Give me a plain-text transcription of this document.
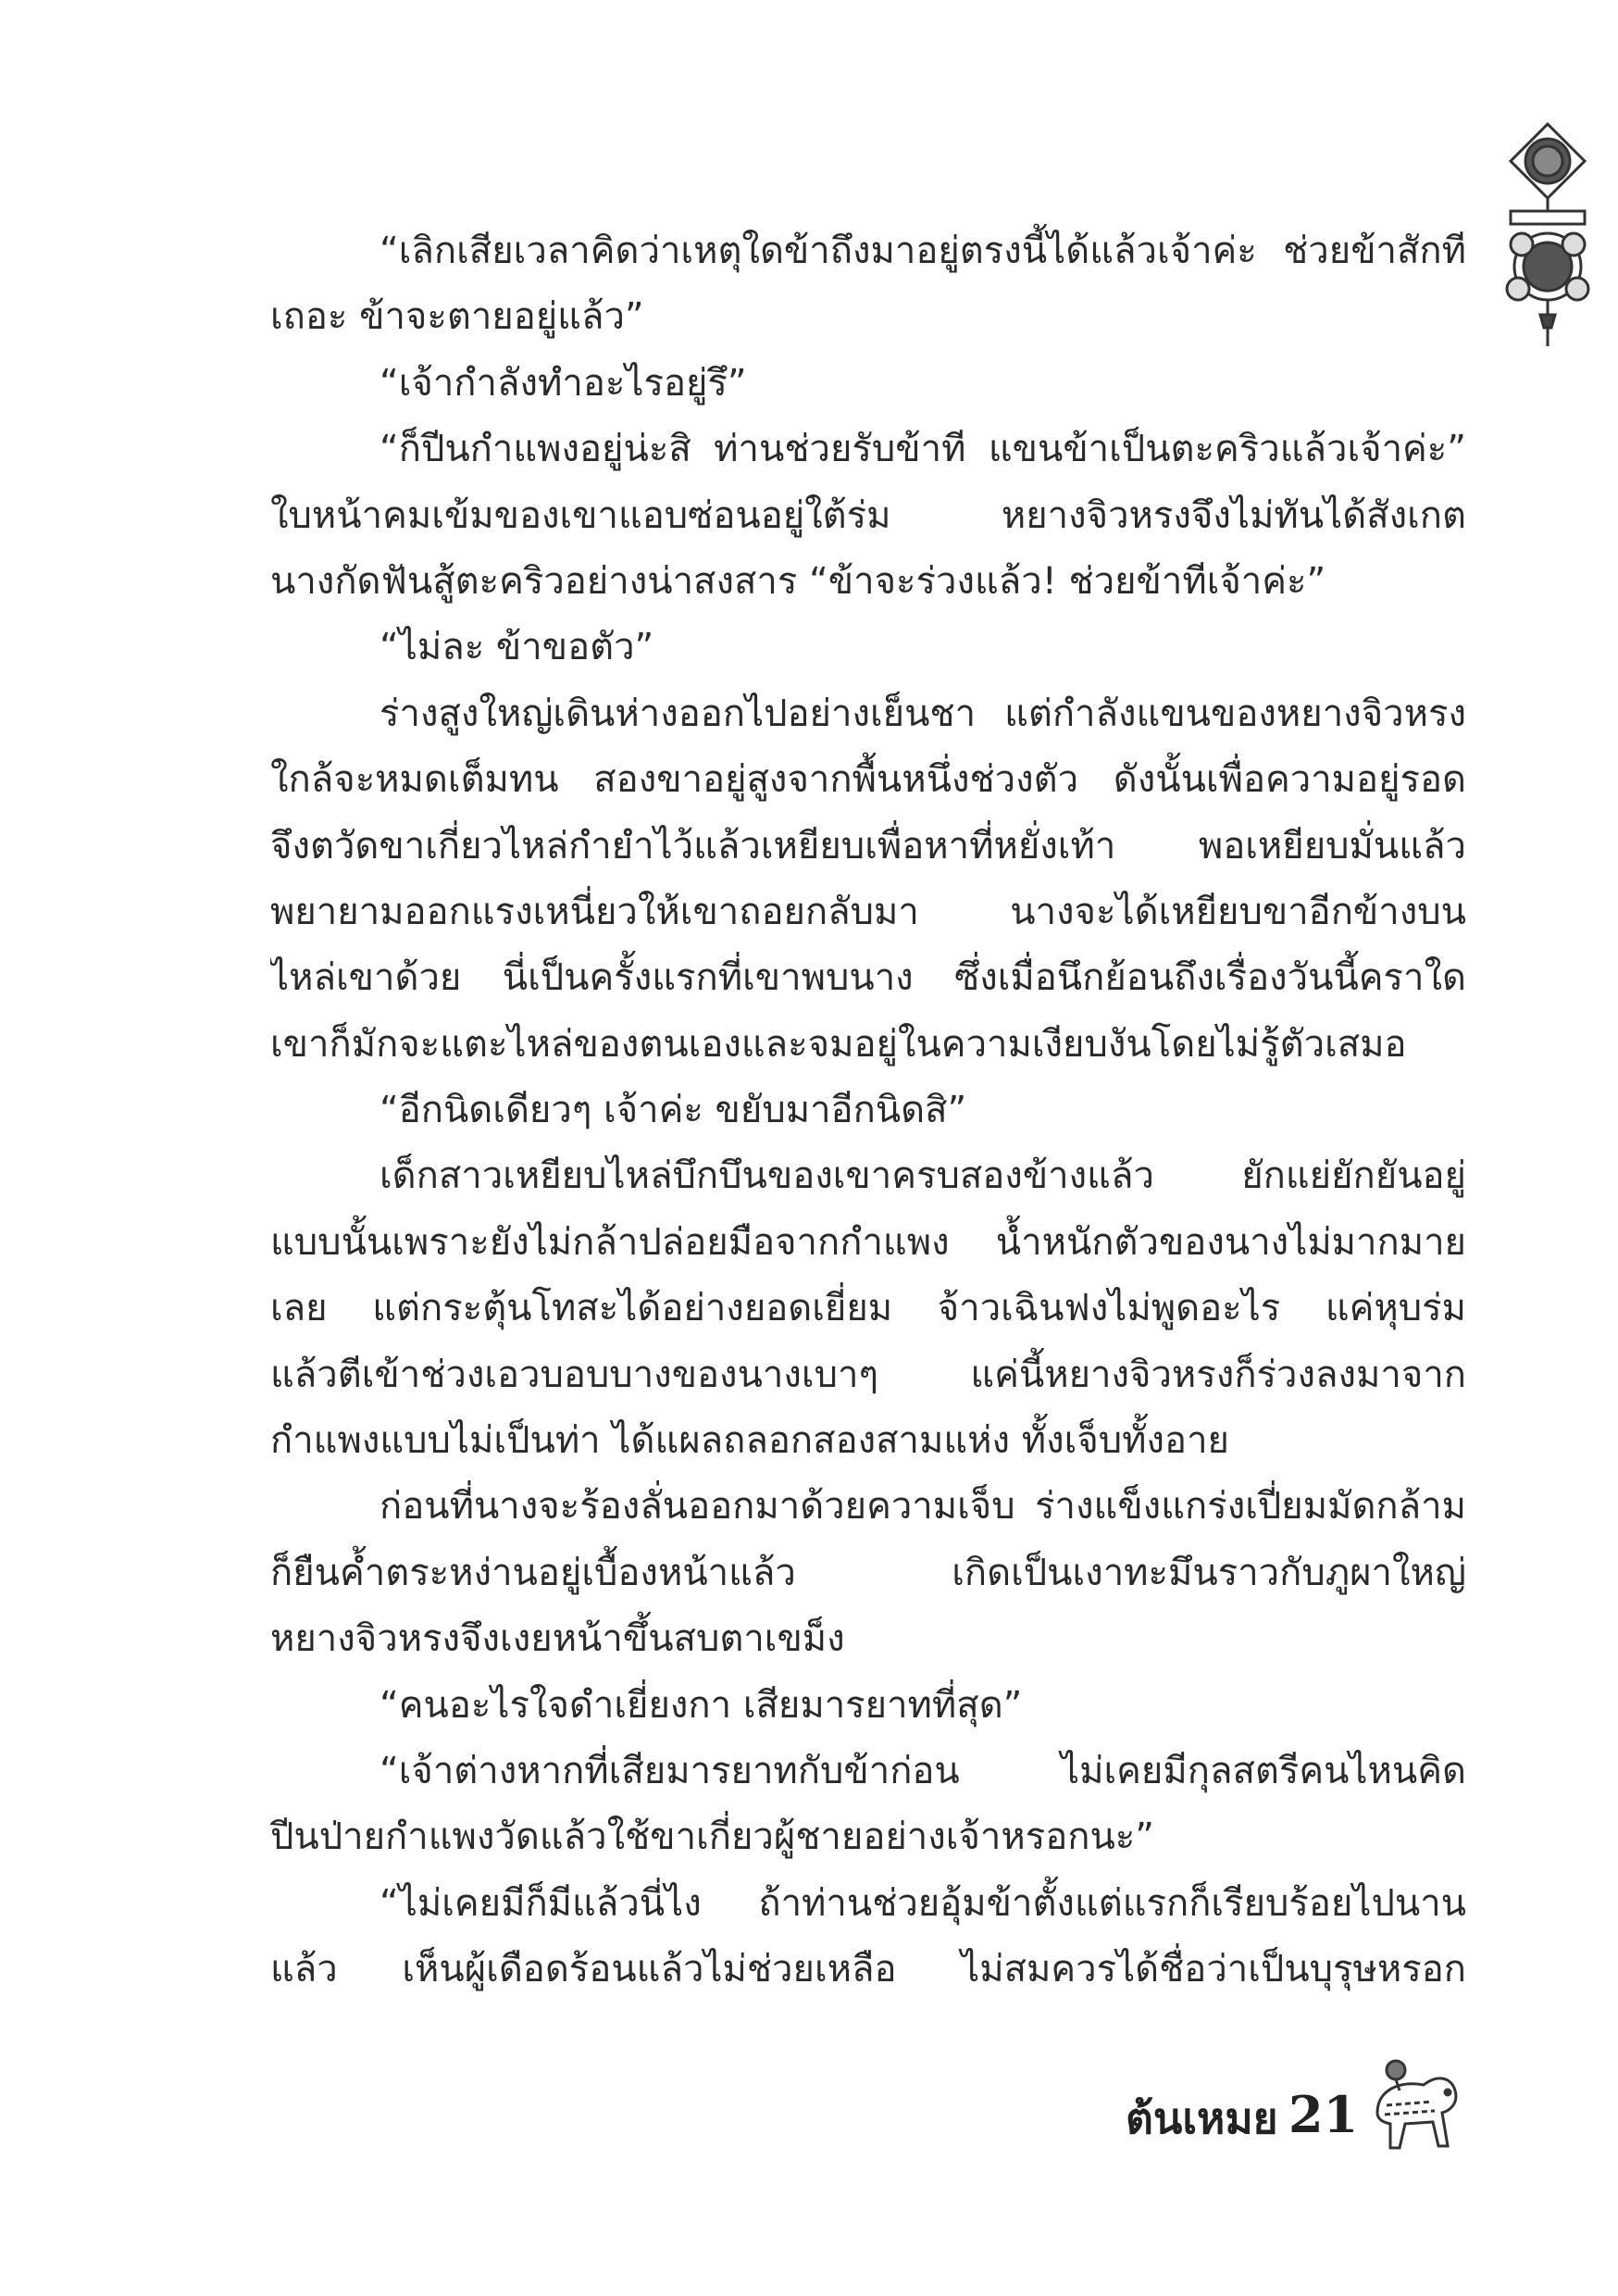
“เลิกเสียเวลาคิดว่าเหตุใดข้าถึงมาอยู่ตรงนี้ได้แล้วเจ้าค่ะ ช่วยข้าสักที
เถอะ ข้าจะตายอยู่แล้ว”
“เจ้ากำลังทำอะไรอยู่รึ”
“ก็ปีนกำแพงอยู่น่ะสิ ท่านช่วยรับข้าที แขนข้าเป็นตะคริวแล้วเจ้าค่ะ”
ใบหน้าคมเข้มของเขาแอบซ่อนอยู่ใต้ร่ม หยางจิวหรงจึงไม่ทันได้สังเกต
นางกัดฟันสู้ตะคริวอย่างน่าสงสาร “ข้าจะร่วงแล้ว! ช่วยข้าทีเจ้าค่ะ”
“ไม่ละ ข้าขอตัว”
ร่างสูงใหญ่เดินห่างออกไปอย่างเย็นชา แต่กำลังแขนของหยางจิวหรง
ใกล้จะหมดเต็มทน สองขาอยู่สูงจากพื้นหนึ่งช่วงตัว ดังนั้นเพื่อความอยู่รอด
จึงตวัดขาเกี่ยวไหล่กำยำไว้แล้วเหยียบเพื่อหาที่หยั่งเท้า พอเหยียบมั่นแล้ว
พยายามออกแรงเหนี่ยวให้เขาถอยกลับมา นางจะได้เหยียบขาอีกข้างบน
ไหล่เขาด้วย นี่เป็นครั้งแรกที่เขาพบนาง ซึ่งเมื่อนึกย้อนถึงเรื่องวันนี้คราใด
เขาก็มักจะแตะไหล่ของตนเองและจมอยู่ในความเงียบงันโดยไม่รู้ตัวเสมอ
“อีกนิดเดียวๆ เจ้าค่ะ ขยับมาอีกนิดสิ”
เด็กสาวเหยียบไหล่บึกบึนของเขาครบสองข้างแล้ว ยักแย่ยักยันอยู่
แบบนั้นเพราะยังไม่กล้าปล่อยมือจากกำแพง น้ำหนักตัวของนางไม่มากมาย
เลย แต่กระตุ้นโทสะได้อย่างยอดเยี่ยม จ้าวเฉินฟงไม่พูดอะไร แค่หุบร่ม
แล้วตีเข้าช่วงเอวบอบบางของนางเบาๆ แค่นี้หยางจิวหรงก็ร่วงลงมาจาก
กำแพงแบบไม่เป็นท่า ได้แผลถลอกสองสามแห่ง ทั้งเจ็บทั้งอาย
ก่อนที่นางจะร้องลั่นออกมาด้วยความเจ็บ ร่างแข็งแกร่งเปี่ยมมัดกล้าม
ก็ยืนค้ำตระหง่านอยู่เบื้องหน้าแล้ว เกิดเป็นเงาทะมึนราวกับภูผาใหญ่
หยางจิวหรงจึงเงยหน้าขึ้นสบตาเขม็ง
“คนอะไรใจดำเยี่ยงกา เสียมารยาทที่สุด”
“เจ้าต่างหากที่เสียมารยาทกับข้าก่อน ไม่เคยมีกุลสตรีคนไหนคิด
ปีนป่ายกำแพงวัดแล้วใช้ขาเกี่ยวผู้ชายอย่างเจ้าหรอกนะ”
“ไม่เคยมีก็มีแล้วนี่ไง ถ้าท่านช่วยอุ้มข้าตั้งแต่แรกก็เรียบร้อยไปนาน
แล้ว เห็นผู้เดือดร้อนแล้วไม่ช่วยเหลือ ไม่สมควรได้ชื่อว่าเป็นบุรุษหรอก
ต้นเหมย 21
